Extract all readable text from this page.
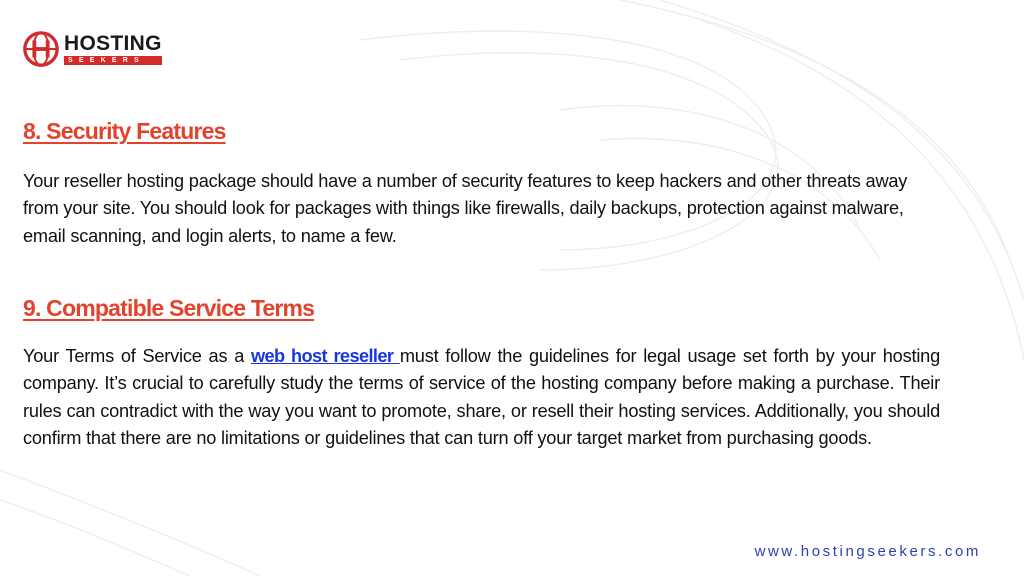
HOSTING
SEEKERS
8. Security Features

Your reseller hosting package should have a number of security features to keep hackers and other threats away from your site. You should look for packages with things like firewalls, daily backups, protection against malware, email scanning, and login alerts, to name a few.

9. Compatible Service Terms

Your Terms of Service as a web host reseller must follow the guidelines for legal usage set forth by your hosting company. It’s crucial to carefully study the terms of service of the hosting company before making a purchase. Their rules can contradict with the way you want to promote, share, or resell their hosting services. Additionally, you should confirm that there are no limitations or guidelines that can turn off your target market from purchasing goods.

www.hostingseekers.com
